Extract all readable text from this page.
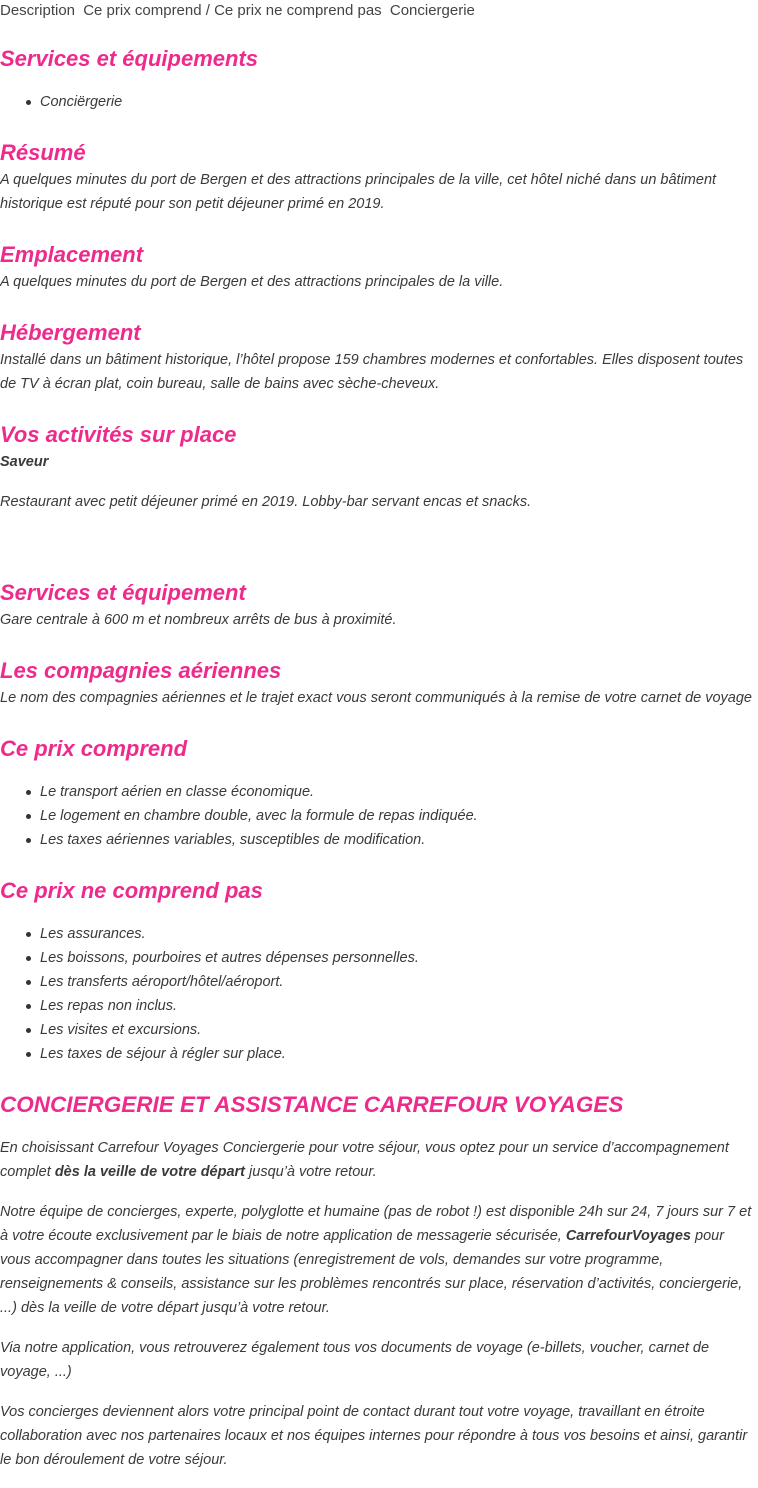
Description Ce prix comprend / Ce prix ne comprend pas Conciergerie
Services et équipements
Conciërgerie
Résumé

A quelques minutes du port de Bergen et des attractions principales de la ville, cet hôtel niché dans un bâtiment historique est réputé pour son petit déjeuner primé en 2019.

Emplacement

A quelques minutes du port de Bergen et des attractions principales de la ville.

Hébergement

Installé dans un bâtiment historique, l’hôtel propose 159 chambres modernes et confortables. Elles disposent toutes de TV à écran plat, coin bureau, salle de bains avec sèche-cheveux.

Vos activités sur place

Saveur

Restaurant avec petit déjeuner primé en 2019. Lobby-bar servant encas et snacks.

Services et équipement

Gare centrale à 600 m et nombreux arrêts de bus à proximité.

Les compagnies aériennes

Le nom des compagnies aériennes et le trajet exact vous seront communiqués à la remise de votre carnet de voyage

Ce prix comprend
Le transport aérien en classe économique.
Le logement en chambre double, avec la formule de repas indiquée.
Les taxes aériennes variables, susceptibles de modification.
Ce prix ne comprend pas
Les assurances.
Les boissons, pourboires et autres dépenses personnelles.
Les transferts aéroport/hôtel/aéroport.
Les repas non inclus.
Les visites et excursions.
Les taxes de séjour à régler sur place.
CONCIERGERIE ET ASSISTANCE CARREFOUR VOYAGES

En choisissant Carrefour Voyages Conciergerie pour votre séjour, vous optez pour un service d’accompagnement complet dès la veille de votre départ jusqu’à votre retour.

Notre équipe de concierges, experte, polyglotte et humaine (pas de robot !) est disponible 24h sur 24, 7 jours sur 7 et à votre écoute exclusivement par le biais de notre application de messagerie sécurisée, CarrefourVoyages pour vous accompagner dans toutes les situations (enregistrement de vols, demandes sur votre programme, renseignements & conseils, assistance sur les problèmes rencontrés sur place, réservation d’activités, conciergerie, ...) dès la veille de votre départ jusqu’à votre retour.

Via notre application, vous retrouverez également tous vos documents de voyage (e-billets, voucher, carnet de voyage, ...)

Vos concierges deviennent alors votre principal point de contact durant tout votre voyage, travaillant en étroite collaboration avec nos partenaires locaux et nos équipes internes pour répondre à tous vos besoins et ainsi, garantir le bon déroulement de votre séjour.
